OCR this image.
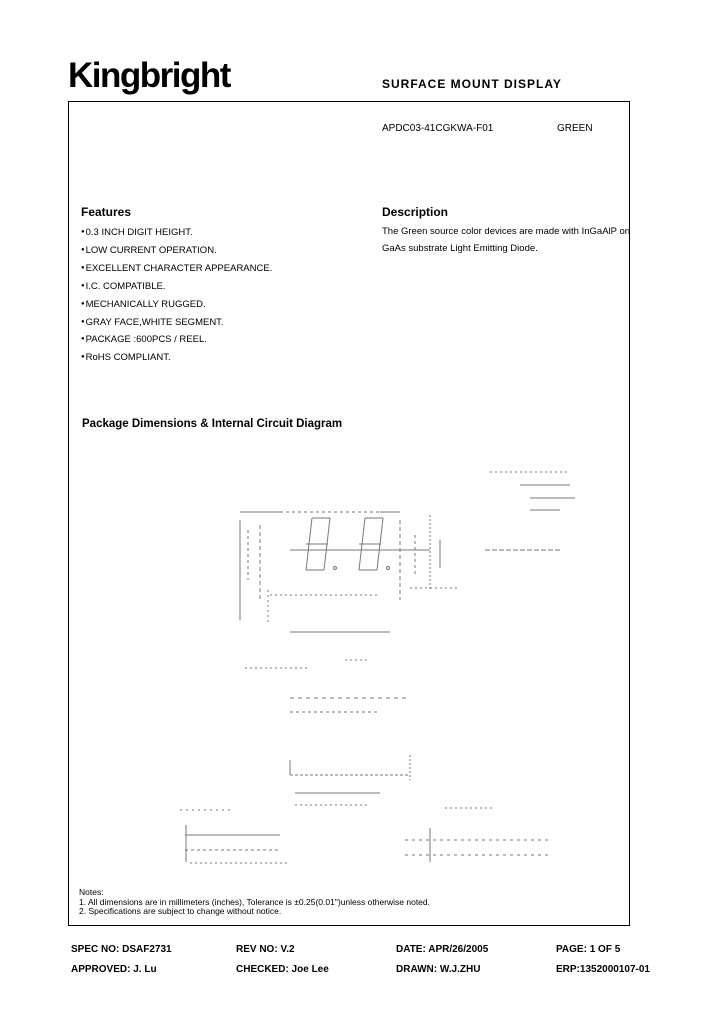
Kingbright	SURFACE MOUNT DISPLAY
APDC03-41CGKWA-F01	GREEN
Features
● 0.3 INCH DIGIT HEIGHT.
● LOW CURRENT OPERATION.
● EXCELLENT CHARACTER APPEARANCE.
● I.C. COMPATIBLE.
● MECHANICALLY RUGGED.
● GRAY FACE,WHITE SEGMENT.
● PACKAGE :600PCS / REEL.
● RoHS COMPLIANT.
Description
The Green source color devices are made with InGaAlP on
GaAs substrate Light Emitting Diode.
Package Dimensions & Internal Circuit Diagram
Notes:
1. All dimensions are in millimeters (inches), Tolerance is ±0.25(0.01")unless otherwise noted.
2. Specifications are subject to change without notice.
SPEC NO: DSAF2731	REV NO: V.2	DATE: APR/26/2005	PAGE: 1 OF 5
APPROVED: J. Lu	CHECKED: Joe Lee	DRAWN: W.J.ZHU	ERP:1352000107-01
